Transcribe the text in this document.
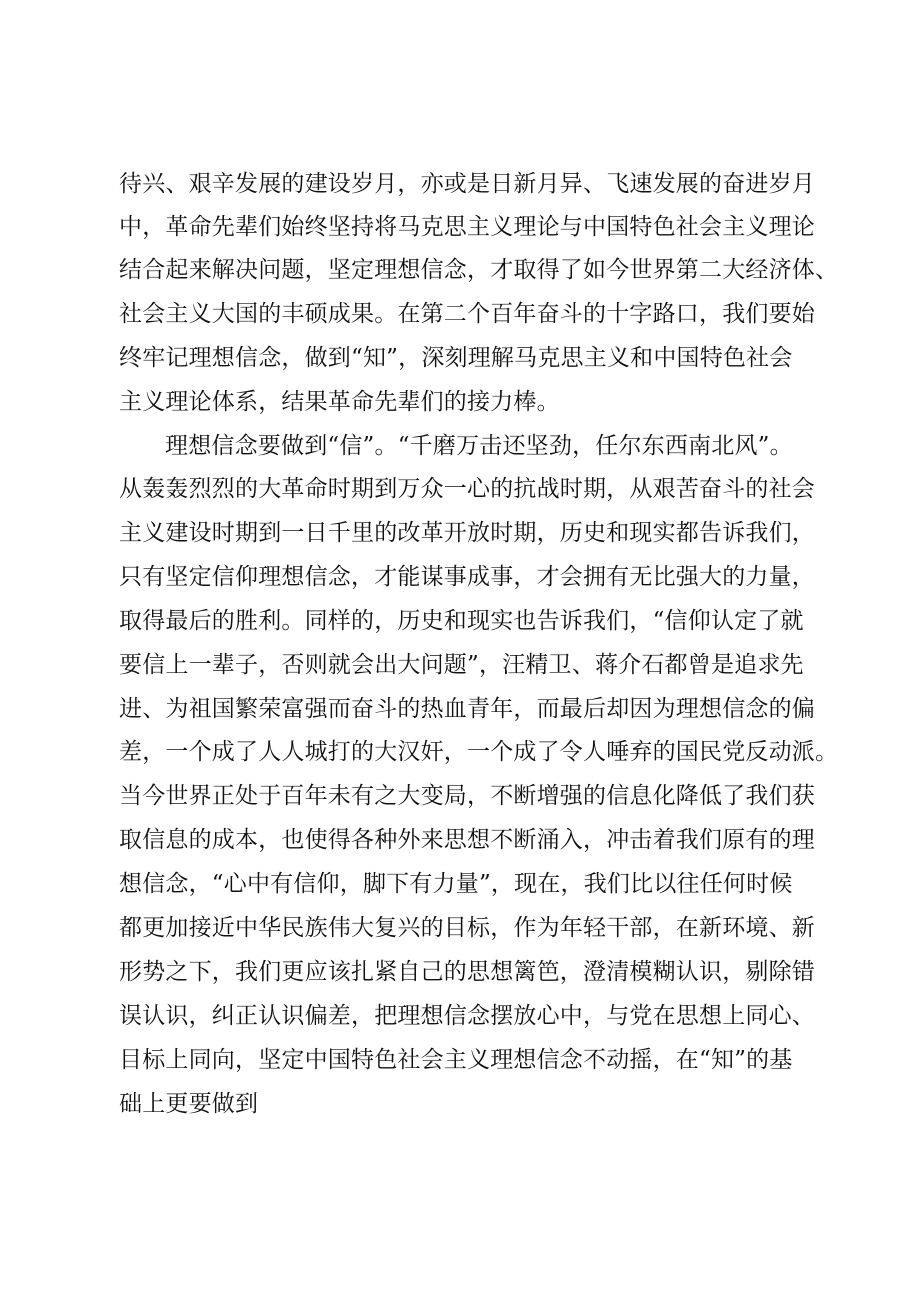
待兴、艰辛发展的建设岁月，亦或是日新月异、飞速发展的奋进岁月
中，革命先辈们始终坚持将马克思主义理论与中国特色社会主义理论
结合起来解决问题，坚定理想信念，才取得了如今世界第二大经济体、
社会主义大国的丰硕成果。在第二个百年奋斗的十字路口，我们要始
终牢记理想信念，做到“知”，深刻理解马克思主义和中国特色社会
主义理论体系，结果革命先辈们的接力棒。
理想信念要做到“信”。“千磨万击还坚劲，任尔东西南北风”。
从轰轰烈烈的大革命时期到万众一心的抗战时期，从艰苦奋斗的社会
主义建设时期到一日千里的改革开放时期，历史和现实都告诉我们，
只有坚定信仰理想信念，才能谋事成事，才会拥有无比强大的力量，
取得最后的胜利。同样的，历史和现实也告诉我们，“信仰认定了就
要信上一辈子，否则就会出大问题”，汪精卫、蒋介石都曾是追求先
进、为祖国繁荣富强而奋斗的热血青年，而最后却因为理想信念的偏
差，一个成了人人城打的大汉奸，一个成了令人唾弃的国民党反动派。
当今世界正处于百年未有之大变局，不断增强的信息化降低了我们获
取信息的成本，也使得各种外来思想不断涌入，冲击着我们原有的理
想信念，“心中有信仰，脚下有力量”，现在，我们比以往任何时候
都更加接近中华民族伟大复兴的目标，作为年轻干部，在新环境、新
形势之下，我们更应该扎紧自己的思想篱笆，澄清模糊认识，剔除错
误认识，纠正认识偏差，把理想信念摆放心中，与党在思想上同心、
目标上同向，坚定中国特色社会主义理想信念不动摇，在“知”的基
础上更要做到
